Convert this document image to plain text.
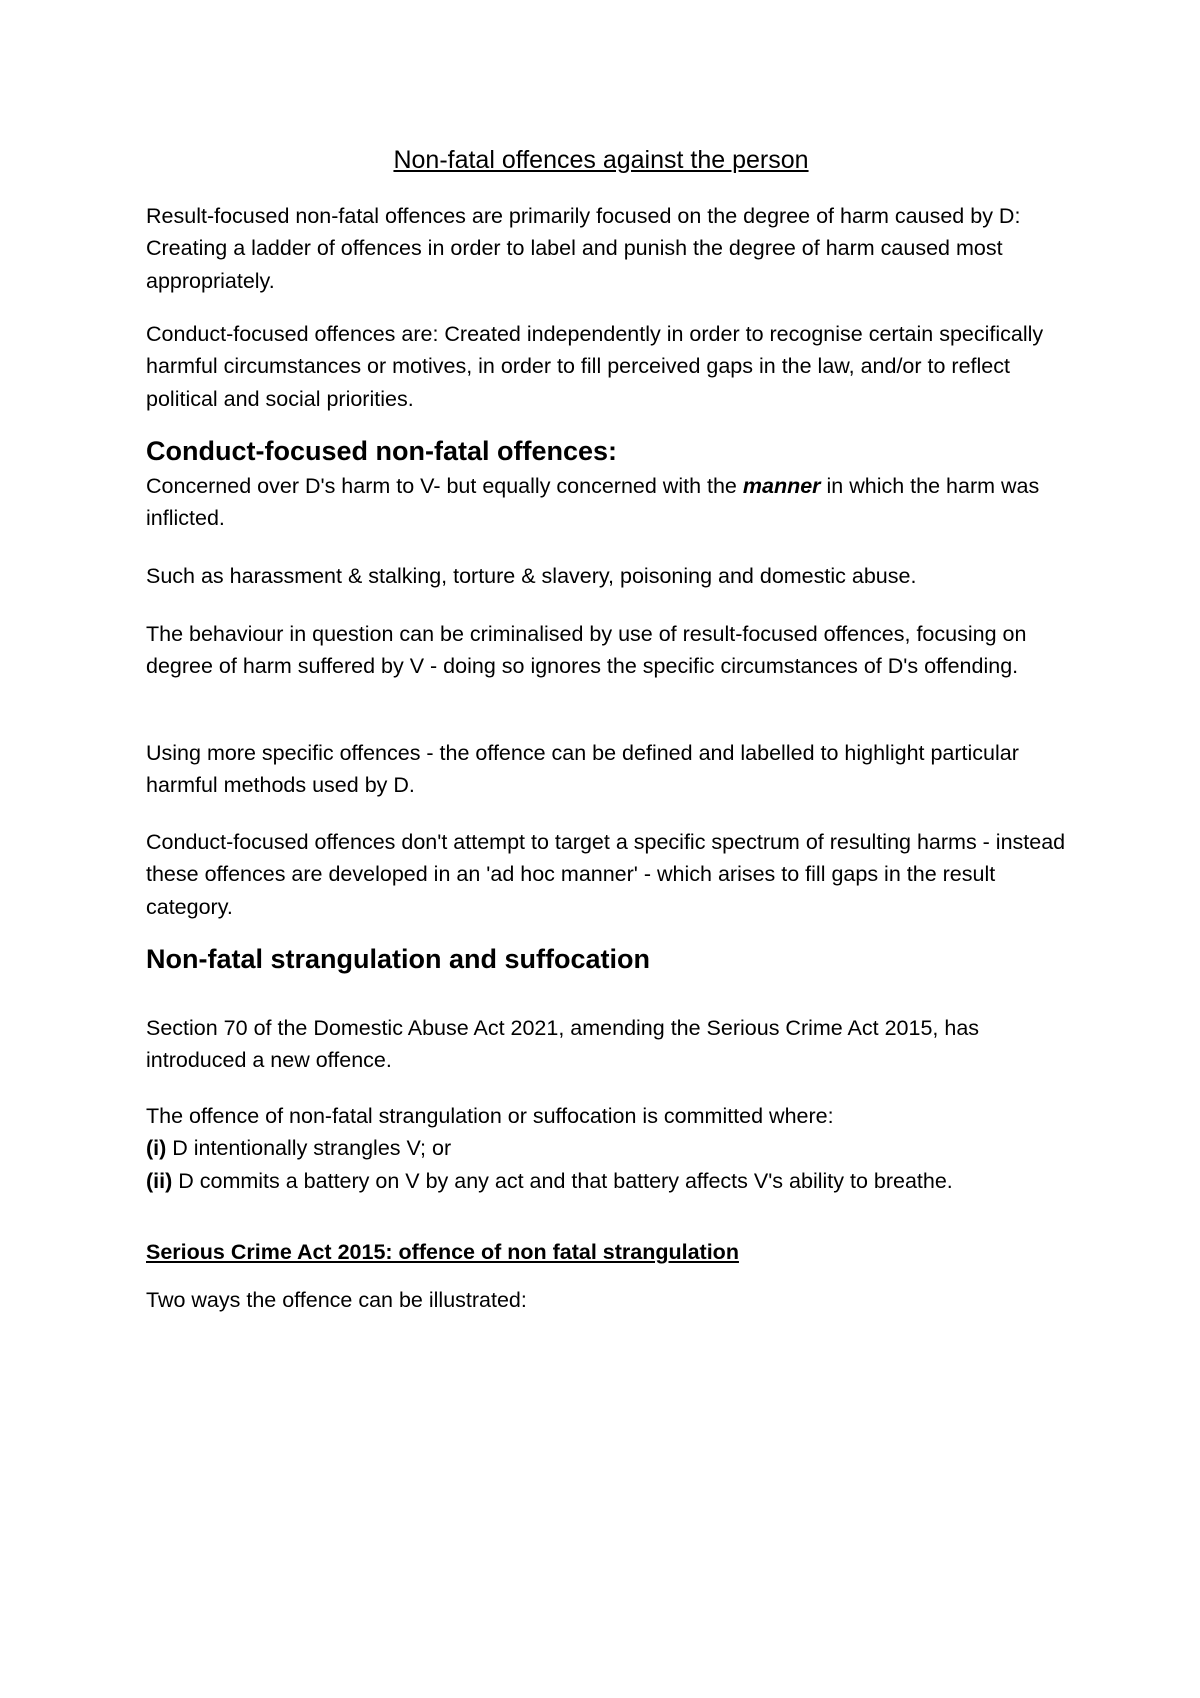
Non-fatal offences against the person

Result-focused non-fatal offences are primarily focused on the degree of harm caused by D: Creating a ladder of offences in order to label and punish the degree of harm caused most appropriately.

Conduct-focused offences are: Created independently in order to recognise certain specifically harmful circumstances or motives, in order to fill perceived gaps in the law, and/or to reflect political and social priorities.

Conduct-focused non-fatal offences:

Concerned over D's harm to V- but equally concerned with the manner in which the harm was inflicted.

Such as harassment & stalking, torture & slavery, poisoning and domestic abuse.

The behaviour in question can be criminalised by use of result-focused offences, focusing on degree of harm suffered by V - doing so ignores the specific circumstances of D's offending.

Using more specific offences - the offence can be defined and labelled to highlight particular harmful methods used by D.

Conduct-focused offences don't attempt to target a specific spectrum of resulting harms - instead these offences are developed in an 'ad hoc manner' - which arises to fill gaps in the result category.

Non-fatal strangulation and suffocation

Section 70 of the Domestic Abuse Act 2021, amending the Serious Crime Act 2015, has introduced a new offence.

The offence of non-fatal strangulation or suffocation is committed where:
(i) D intentionally strangles V; or
(ii) D commits a battery on V by any act and that battery affects V's ability to breathe.

Serious Crime Act 2015: offence of non fatal strangulation

Two ways the offence can be illustrated:
